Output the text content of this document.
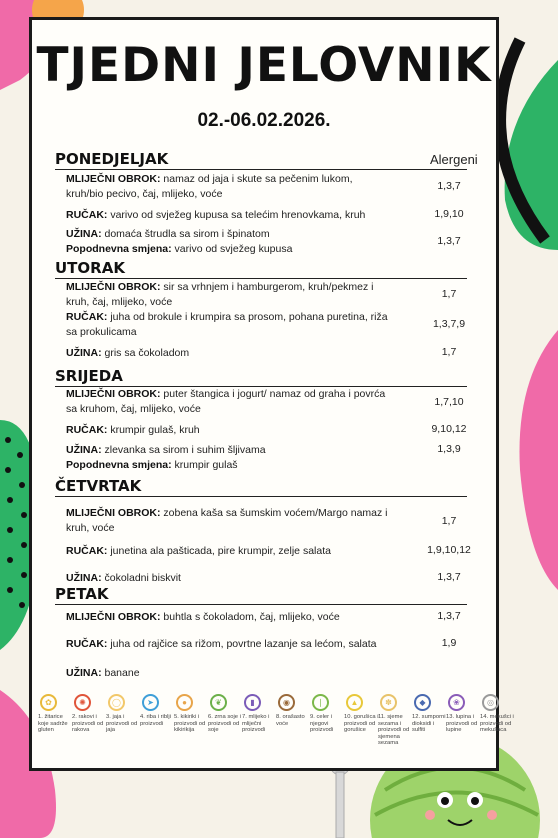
TJEDNI JELOVNIK
02.-06.02.2026.
Alergeni
PONEDJELJAK
MLIJEČNI OBROK: namaz od jaja i skute sa pečenim lukom, kruh/bio pecivo, čaj, mlijeko, voće
1,3,7
RUČAK: varivo od svježeg kupusa sa telećim hrenovkama, kruh	1,9,10
UŽINA: domaća štrudla sa sirom i špinatom
Popodnevna smjena: varivo od svježeg kupusa
1,3,7
UTORAK
MLIJEČNI OBROK: sir sa vrhnjem i hamburgerom, kruh/pekmez i kruh, čaj, mlijeko, voće
1,7
RUČAK: juha od brokule i krumpira sa prosom, pohana puretina, riža sa prokulicama
1,3,7,9
UŽINA: gris sa čokoladom	1,7
SRIJEDA
MLIJEČNI OBROK: puter štangica i jogurt/ namaz od graha i povrća sa kruhom, čaj, mlijeko, voće
1,7,10
RUČAK: krumpir gulaš, kruh	9,10,12
UŽINA: zlevanka sa sirom i suhim šljivama
Popodnevna smjena: krumpir gulaš
1,3,9
ČETVRTAK
MLIJEČNI OBROK: zobena kaša sa šumskim voćem/Margo namaz i kruh, voće
1,7
RUČAK: junetina ala pašticada, pire krumpir, zelje salata	1,9,10,12
UŽINA: čokoladni biskvit	1,3,7
PETAK
MLIJEČNI OBROK: buhtla s čokoladom, čaj, mlijeko, voće	1,3,7
RUČAK: juha od rajčice sa rižom, povrtne lazanje sa lećom, salata	1,9
UŽINA: banane
✿
1. žitarice koje sadrže gluten
✺
2. rakovi i proizvodi od rakova
◯
3. jaja i proizvodi od jaja
➤
4. riba i riblji proizvodi
●
5. kikiriki i proizvodi od kikirikija
❦
6. zrna soje i proizvodi od soje
▮
7. mlijeko i mliječni proizvodi
◉
8. orašasto voće
❘
9. celer i njegovi proizvodi
▲
10. gorušica i proizvodi od gorušice
✽
11. sjeme sezama i proizvodi od sjemena sezama
◆
12. sumporni dioksidi i sulfiti
❀
13. lupina i proizvodi od lupine
◎
14. mekušci i proizvodi od mekušaca
